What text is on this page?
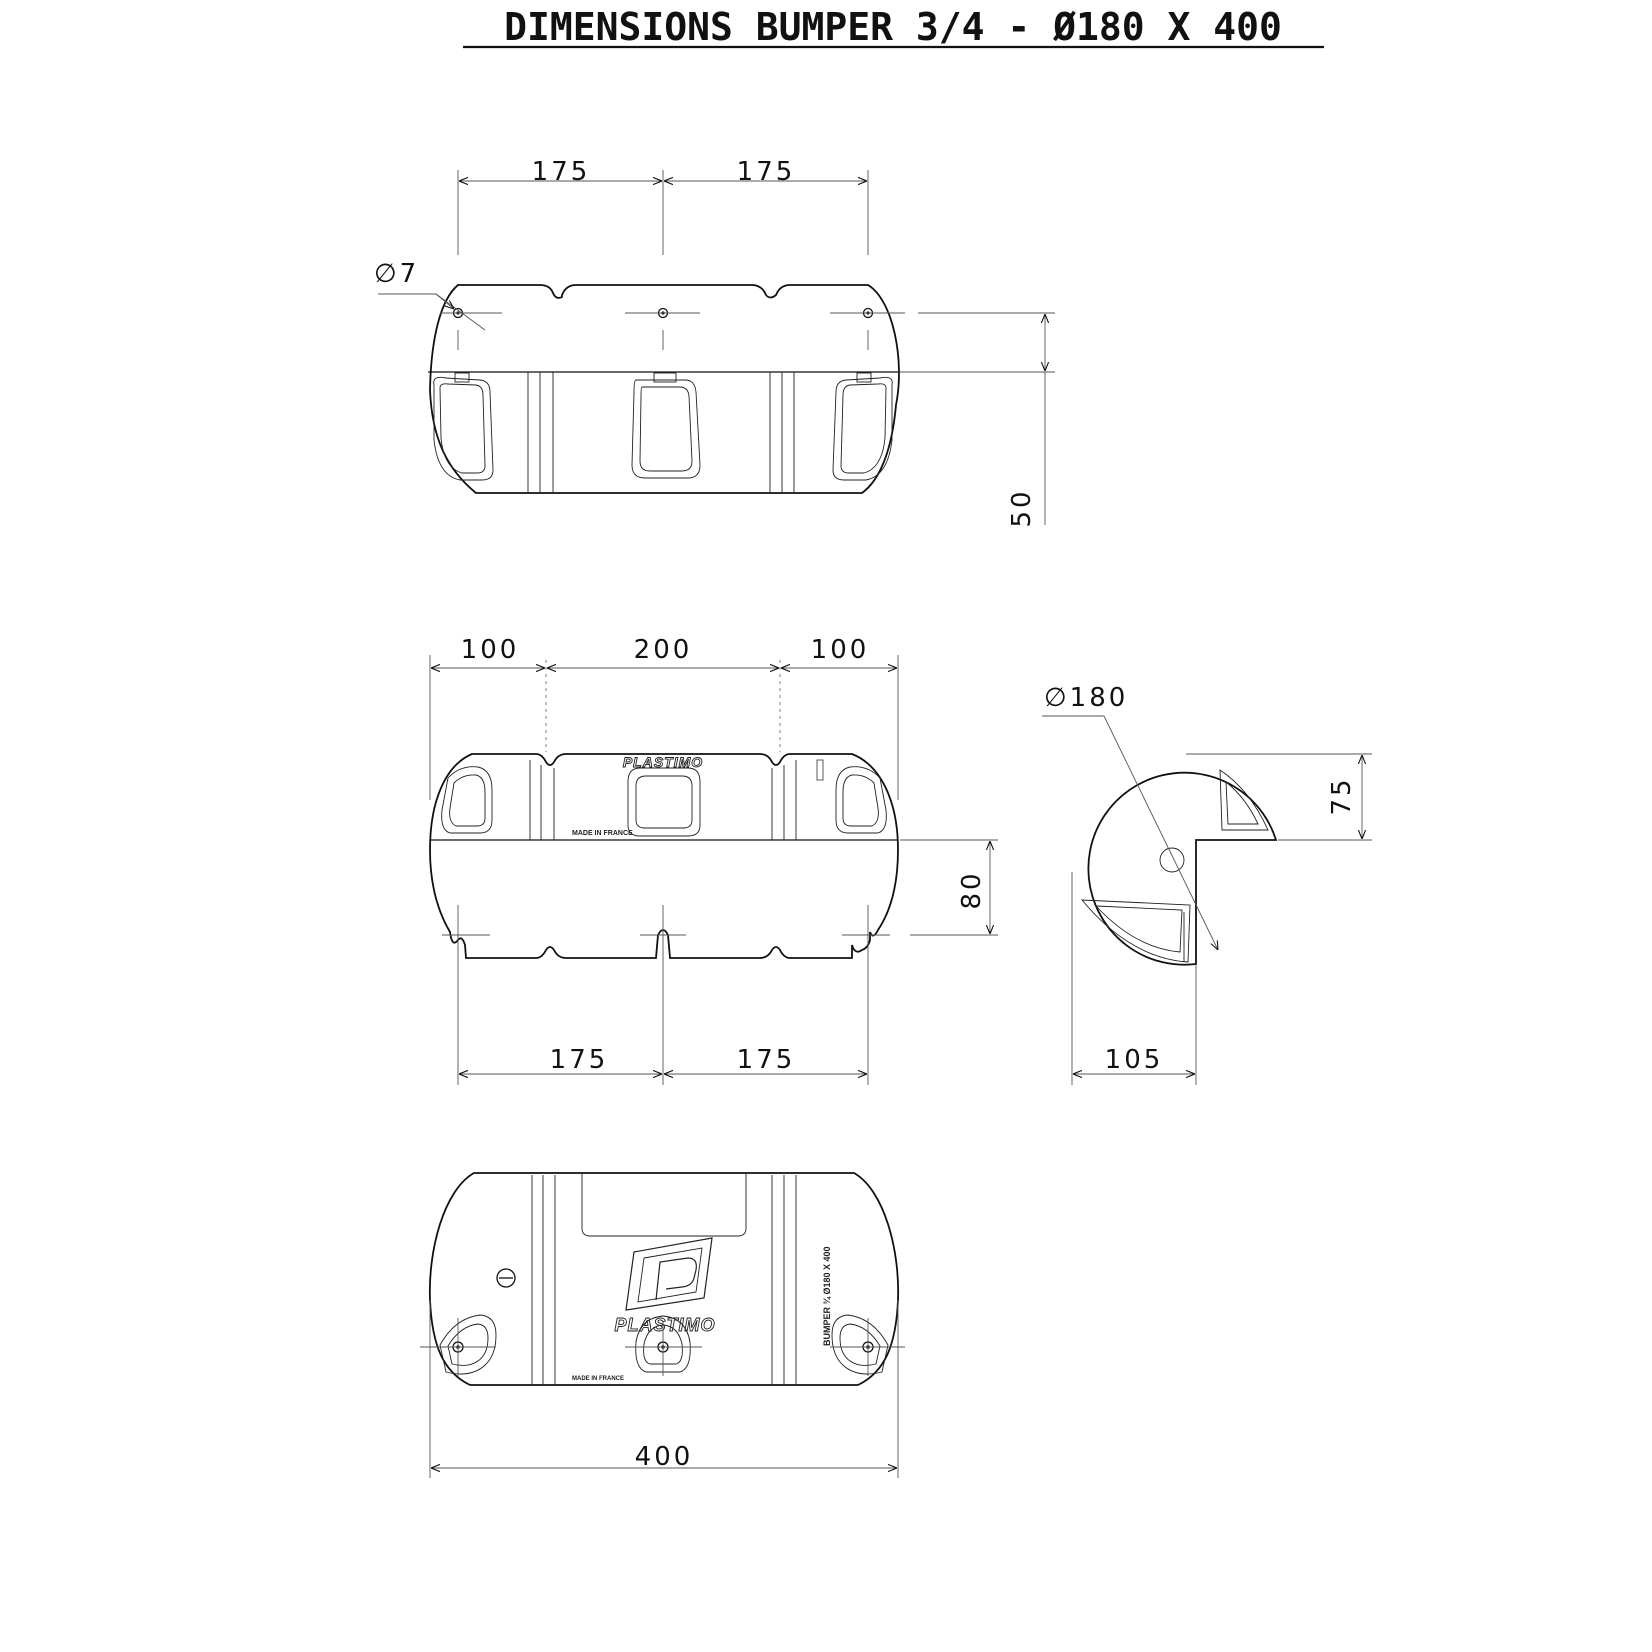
DIMENSIONS BUMPER 3/4 - Ø180 X 400
175	175
∅7
50
PLASTIMO
MADE IN FRANCE
100	200	100
80
175	175
∅180
75
105
PLASTIMO	BUMPER ¾ Ø180 X 400
MADE IN FRANCE
400
